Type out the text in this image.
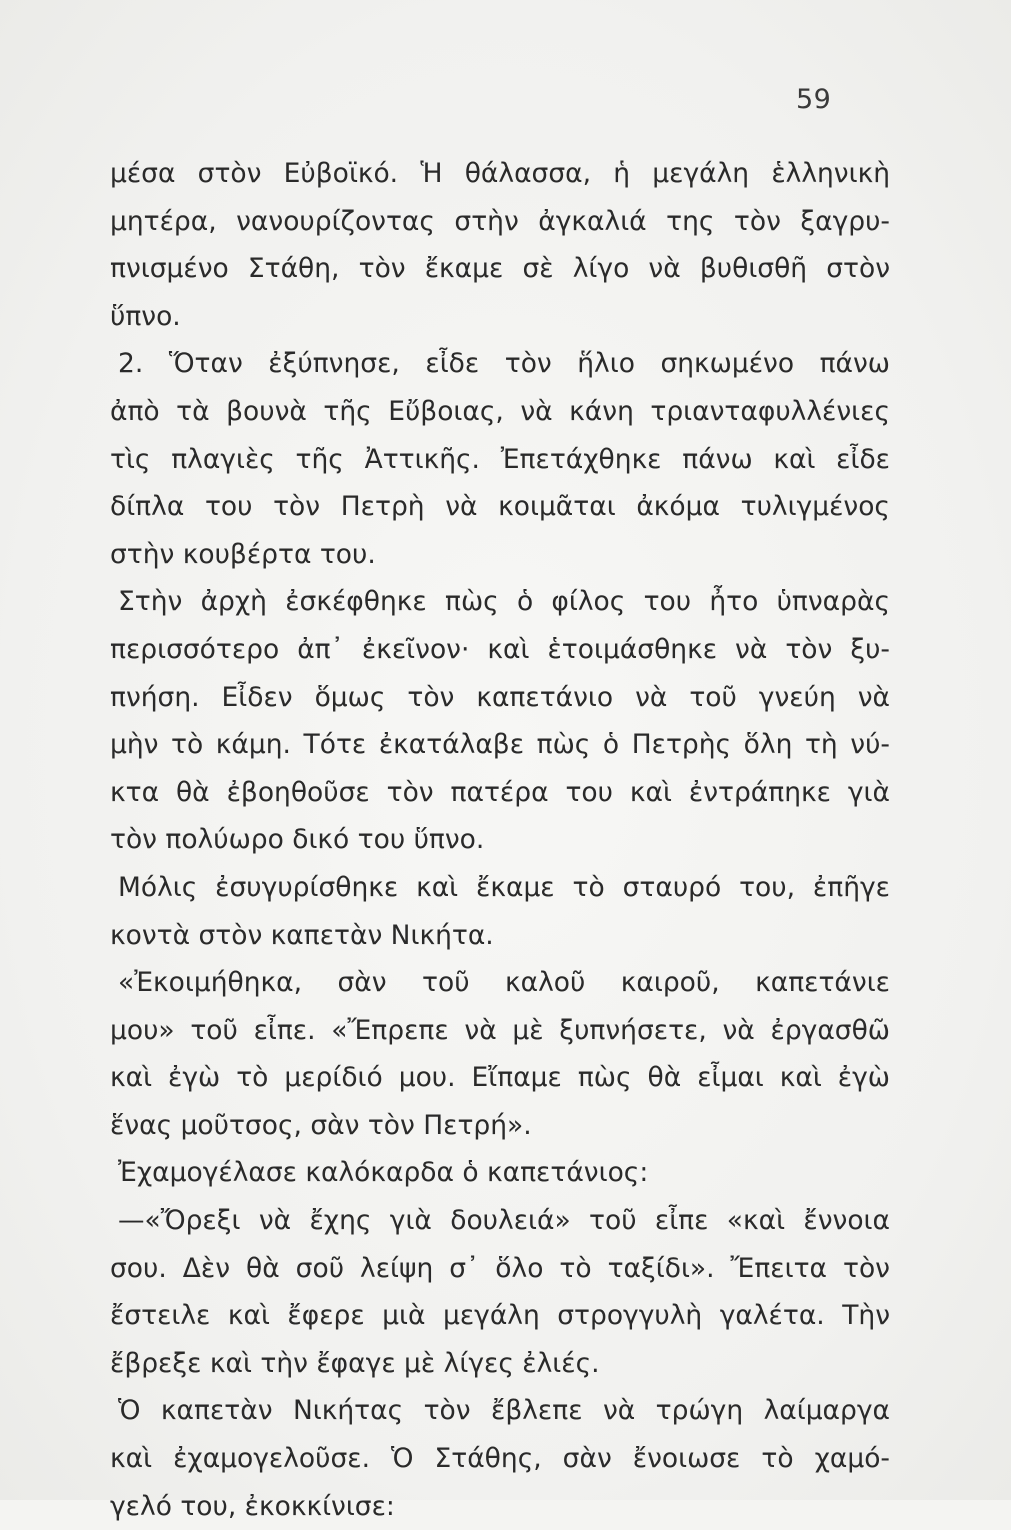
59
μέσα στὸν Εὐβοϊκό. Ἡ θάλασσα, ἡ μεγάλη ἑλληνικὴ
μητέρα, νανουρίζοντας στὴν ἀγκαλιά της τὸν ξαγρυ-
πνισμένο Στάθη, τὸν ἔκαμε σὲ λίγο νὰ βυθισθῆ στὸν
ὕπνο.
2. Ὅταν ἐξύπνησε, εἶδε τὸν ἥλιο σηκωμένο πάνω
ἀπὸ τὰ βουνὰ τῆς Εὔβοιας, νὰ κάνη τριανταφυλλένιες
τὶς πλαγιὲς τῆς Ἀττικῆς. Ἐπετάχθηκε πάνω καὶ εἶδε
δίπλα του τὸν Πετρὴ νὰ κοιμᾶται ἀκόμα τυλιγμένος
στὴν κουβέρτα του.
Στὴν ἀρχὴ ἐσκέφθηκε πὼς ὁ φίλος του ἦτο ὑπναρὰς
περισσότερο ἀπ᾿ ἐκεῖνον· καὶ ἑτοιμάσθηκε νὰ τὸν ξυ-
πνήση. Εἶδεν ὅμως τὸν καπετάνιο νὰ τοῦ γνεύη νὰ
μὴν τὸ κάμη. Τότε ἐκατάλαβε πὼς ὁ Πετρὴς ὅλη τὴ νύ-
κτα θὰ ἐβοηθοῦσε τὸν πατέρα του καὶ ἐντράπηκε γιὰ
τὸν πολύωρο δικό του ὕπνο.
Μόλις ἐσυγυρίσθηκε καὶ ἔκαμε τὸ σταυρό του, ἐπῆγε
κοντὰ στὸν καπετὰν Νικήτα.
«Ἐκοιμήθηκα, σὰν τοῦ καλοῦ καιροῦ, καπετάνιε
μου» τοῦ εἶπε. «Ἔπρεπε νὰ μὲ ξυπνήσετε, νὰ ἐργασθῶ
καὶ ἐγὼ τὸ μερίδιό μου. Εἴπαμε πὼς θὰ εἶμαι καὶ ἐγὼ
ἕνας μοῦτσος, σὰν τὸν Πετρή».
Ἐχαμογέλασε καλόκαρδα ὁ καπετάνιος:
—«Ὄρεξι νὰ ἔχης γιὰ δουλειά» τοῦ εἶπε «καὶ ἔννοια
σου. Δὲν θὰ σοῦ λείψη σ᾿ ὅλο τὸ ταξίδι». Ἔπειτα τὸν
ἔστειλε καὶ ἔφερε μιὰ μεγάλη στρογγυλὴ γαλέτα. Τὴν
ἔβρεξε καὶ τὴν ἔφαγε μὲ λίγες ἐλιές.
Ὁ καπετὰν Νικήτας τὸν ἔβλεπε νὰ τρώγη λαίμαργα
καὶ ἐχαμογελοῦσε. Ὁ Στάθης, σὰν ἔνοιωσε τὸ χαμό-
γελό του, ἐκοκκίνισε:
